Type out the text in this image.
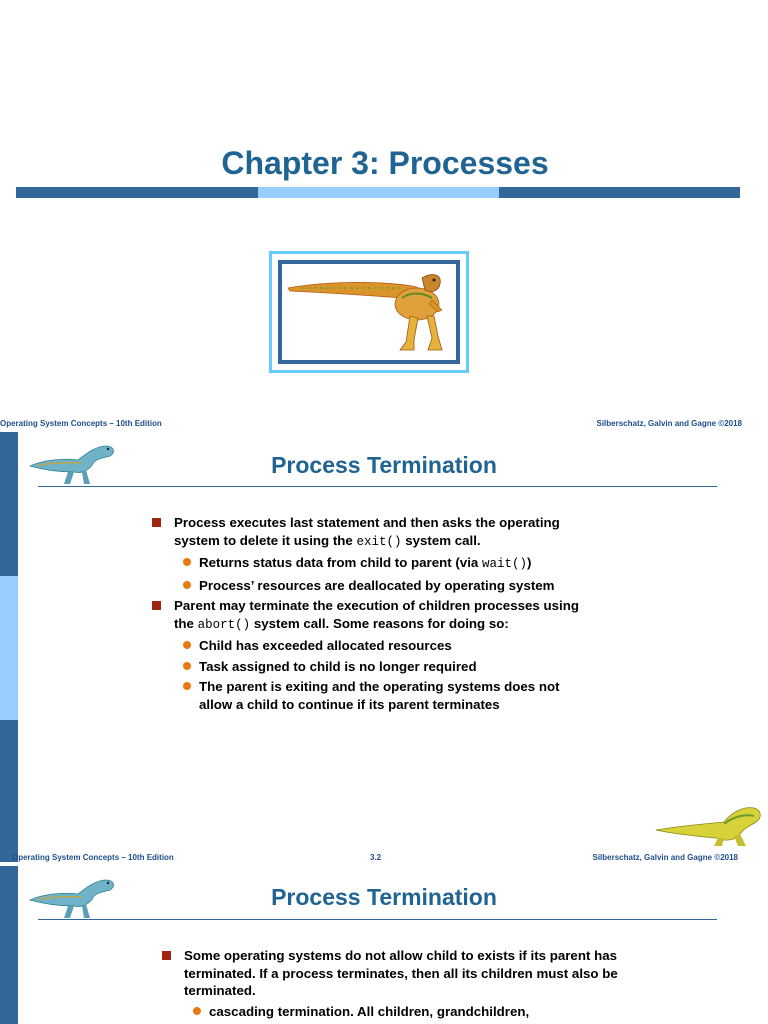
Chapter 3: Processes
Operating System Concepts – 10th Edition	Silberschatz, Galvin and Gagne ©2018
Process Termination
Process executes last statement and then asks the operating system to delete it using the exit() system call.
Returns status data from child to parent (via wait())
Process’ resources are deallocated by operating system
Parent may terminate the execution of children processes using the abort() system call. Some reasons for doing so:
Child has exceeded allocated resources
Task assigned to child is no longer required
The parent is exiting and the operating systems does not allow a child to continue if its parent terminates
Operating System Concepts – 10th Edition	3.2	Silberschatz, Galvin and Gagne ©2018
Process Termination
Some operating systems do not allow child to exists if its parent has terminated. If a process terminates, then all its children must also be terminated.
cascading termination. All children, grandchildren,
